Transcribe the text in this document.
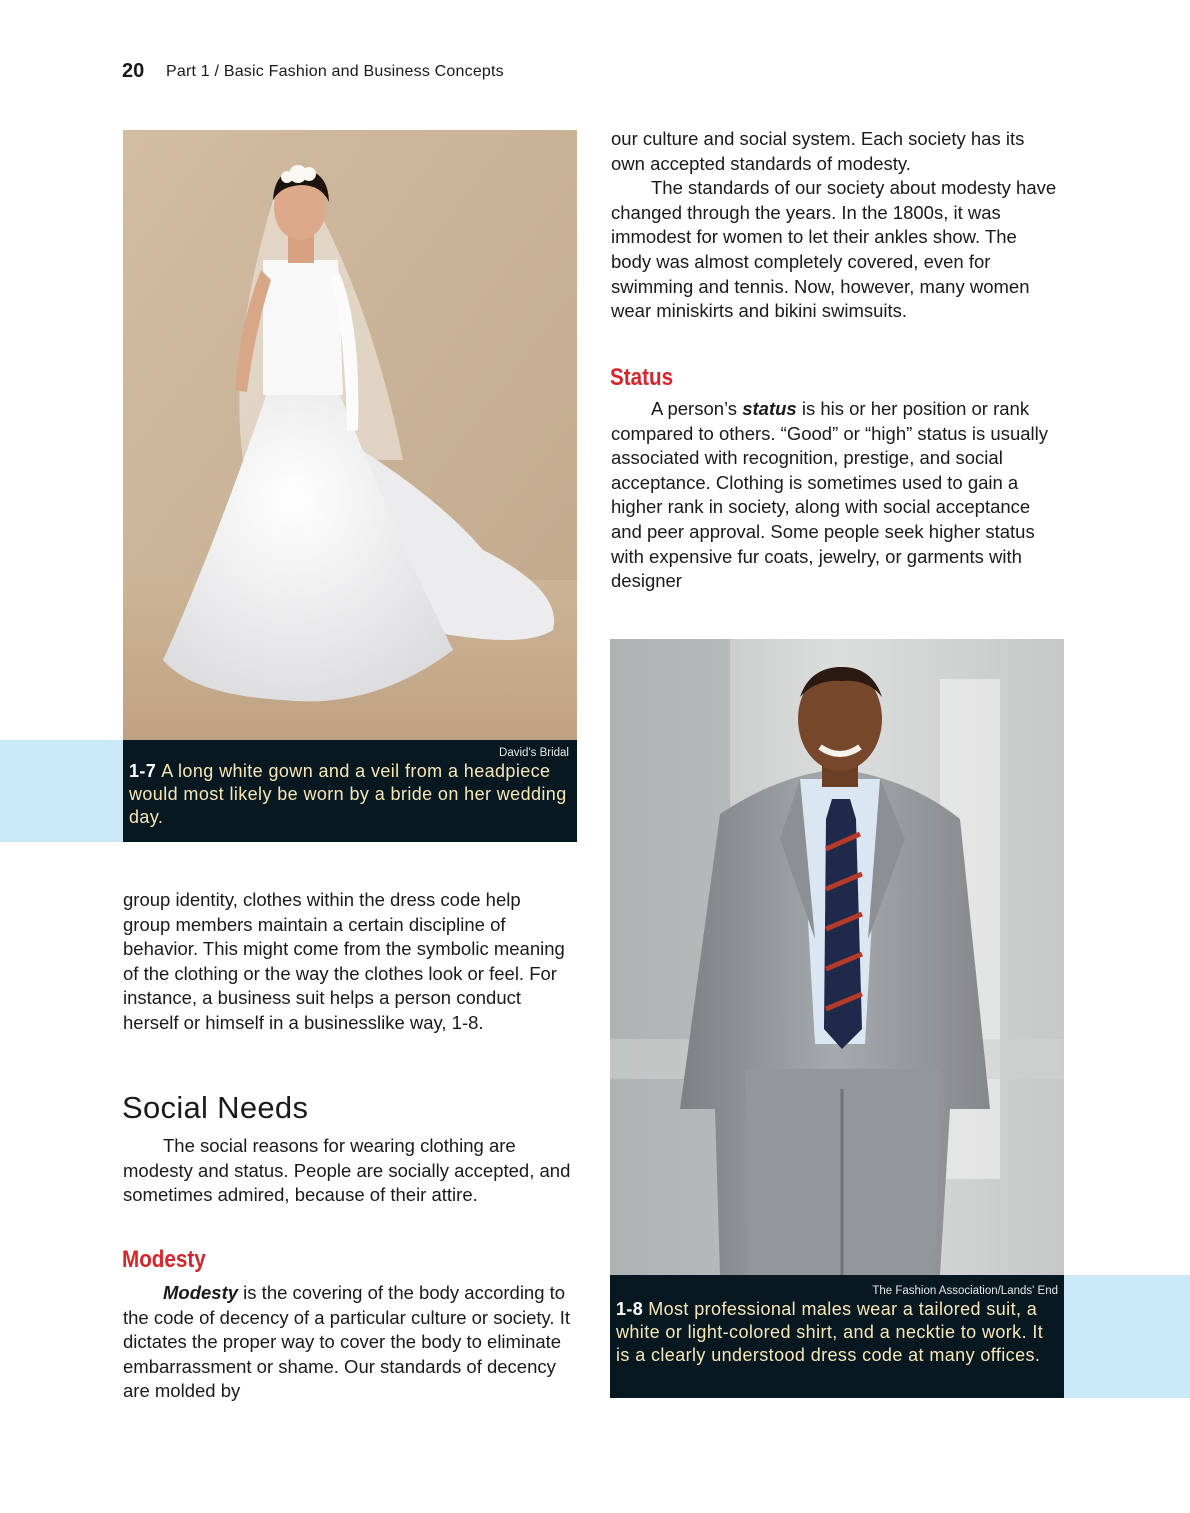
20 Part 1 / Basic Fashion and Business Concepts
David's Bridal
1-7 A long white gown and a veil from a headpiece would most likely be worn by a bride on her wedding day.

group identity, clothes within the dress code help group members maintain a certain discipline of behavior. This might come from the symbolic meaning of the clothing or the way the clothes look or feel. For instance, a business suit helps a person conduct herself or himself in a businesslike way, 1-8.

Social Needs

The social reasons for wearing clothing are modesty and status. People are socially accepted, and sometimes admired, because of their attire.

Modesty

Modesty is the covering of the body according to the code of decency of a particular culture or society. It dictates the proper way to cover the body to eliminate embarrassment or shame. Our standards of decency are molded by

our culture and social system. Each society has its own accepted standards of modesty.

The standards of our society about modesty have changed through the years. In the 1800s, it was immodest for women to let their ankles show. The body was almost completely covered, even for swimming and tennis. Now, however, many women wear miniskirts and bikini swimsuits.

Status

A person’s status is his or her position or rank compared to others. “Good” or “high” status is usually associated with recognition, prestige, and social acceptance. Clothing is sometimes used to gain a higher rank in society, along with social acceptance and peer approval. Some people seek higher status with expensive fur coats, jewelry, or garments with designer

The Fashion Association/Lands' End
1-8 Most professional males wear a tailored suit, a white or light-colored shirt, and a necktie to work. It is a clearly understood dress code at many offices.
